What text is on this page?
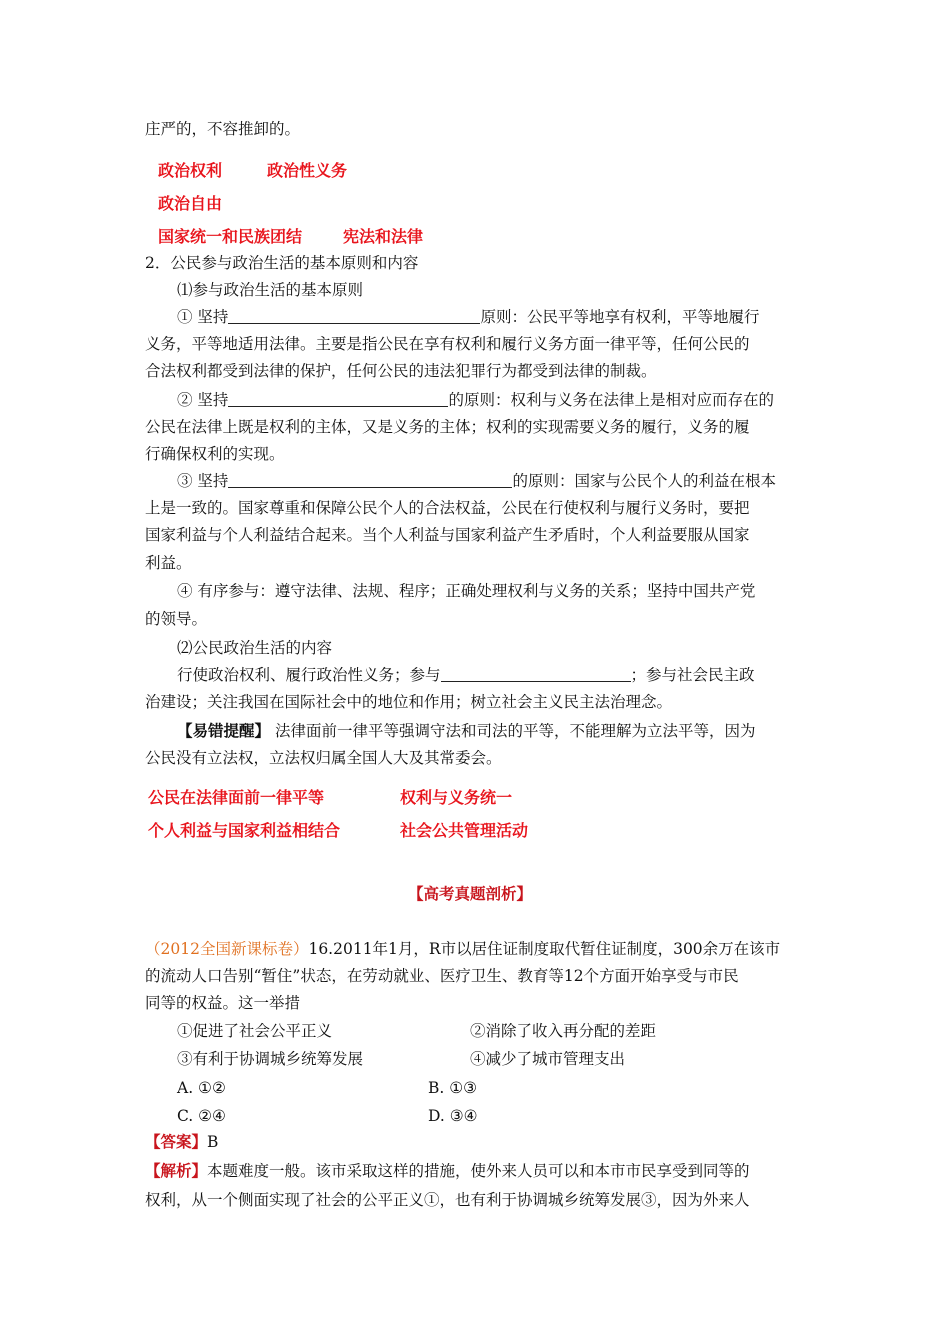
庄严的，不容推卸的。
政治权利	政治性义务
政治自由
国家统一和民族团结	宪法和法律
2．公民参与政治生活的基本原则和内容
⑴参与政治生活的基本原则
① 坚持	原则：公民平等地享有权利，平等地履行
义务，平等地适用法律。主要是指公民在享有权利和履行义务方面一律平等，任何公民的
合法权利都受到法律的保护，任何公民的违法犯罪行为都受到法律的制裁。
② 坚持	的原则：权利与义务在法律上是相对应而存在的
公民在法律上既是权利的主体，又是义务的主体；权利的实现需要义务的履行，义务的履
行确保权利的实现。
③ 坚持	的原则：国家与公民个人的利益在根本
上是一致的。国家尊重和保障公民个人的合法权益，公民在行使权利与履行义务时，要把
国家利益与个人利益结合起来。当个人利益与国家利益产生矛盾时，个人利益要服从国家
利益。
④ 有序参与：遵守法律、法规、程序；正确处理权利与义务的关系；坚持中国共产党
的领导。
⑵公民政治生活的内容
行使政治权利、履行政治性义务；参与	；参与社会民主政
治建设；关注我国在国际社会中的地位和作用；树立社会主义民主法治理念。
【易错提醒】 法律面前一律平等强调守法和司法的平等，不能理解为立法平等，因为
公民没有立法权，立法权归属全国人大及其常委会。
公民在法律面前一律平等	权利与义务统一
个人利益与国家利益相结合	社会公共管理活动
【高考真题剖析】
（2012全国新课标卷）16.2011年1月，R市以居住证制度取代暂住证制度，300余万在该市
的流动人口告别“暂住”状态，在劳动就业、医疗卫生、教育等12个方面开始享受与市民
同等的权益。这一举措
①促进了社会公平正义	②消除了收入再分配的差距
③有利于协调城乡统筹发展	④减少了城市管理支出
A. ①②	B. ①③
C. ②④	D. ③④
【答案】B
【解析】本题难度一般。该市采取这样的措施，使外来人员可以和本市市民享受到同等的
权利，从一个侧面实现了社会的公平正义①，也有利于协调城乡统筹发展③，因为外来人
